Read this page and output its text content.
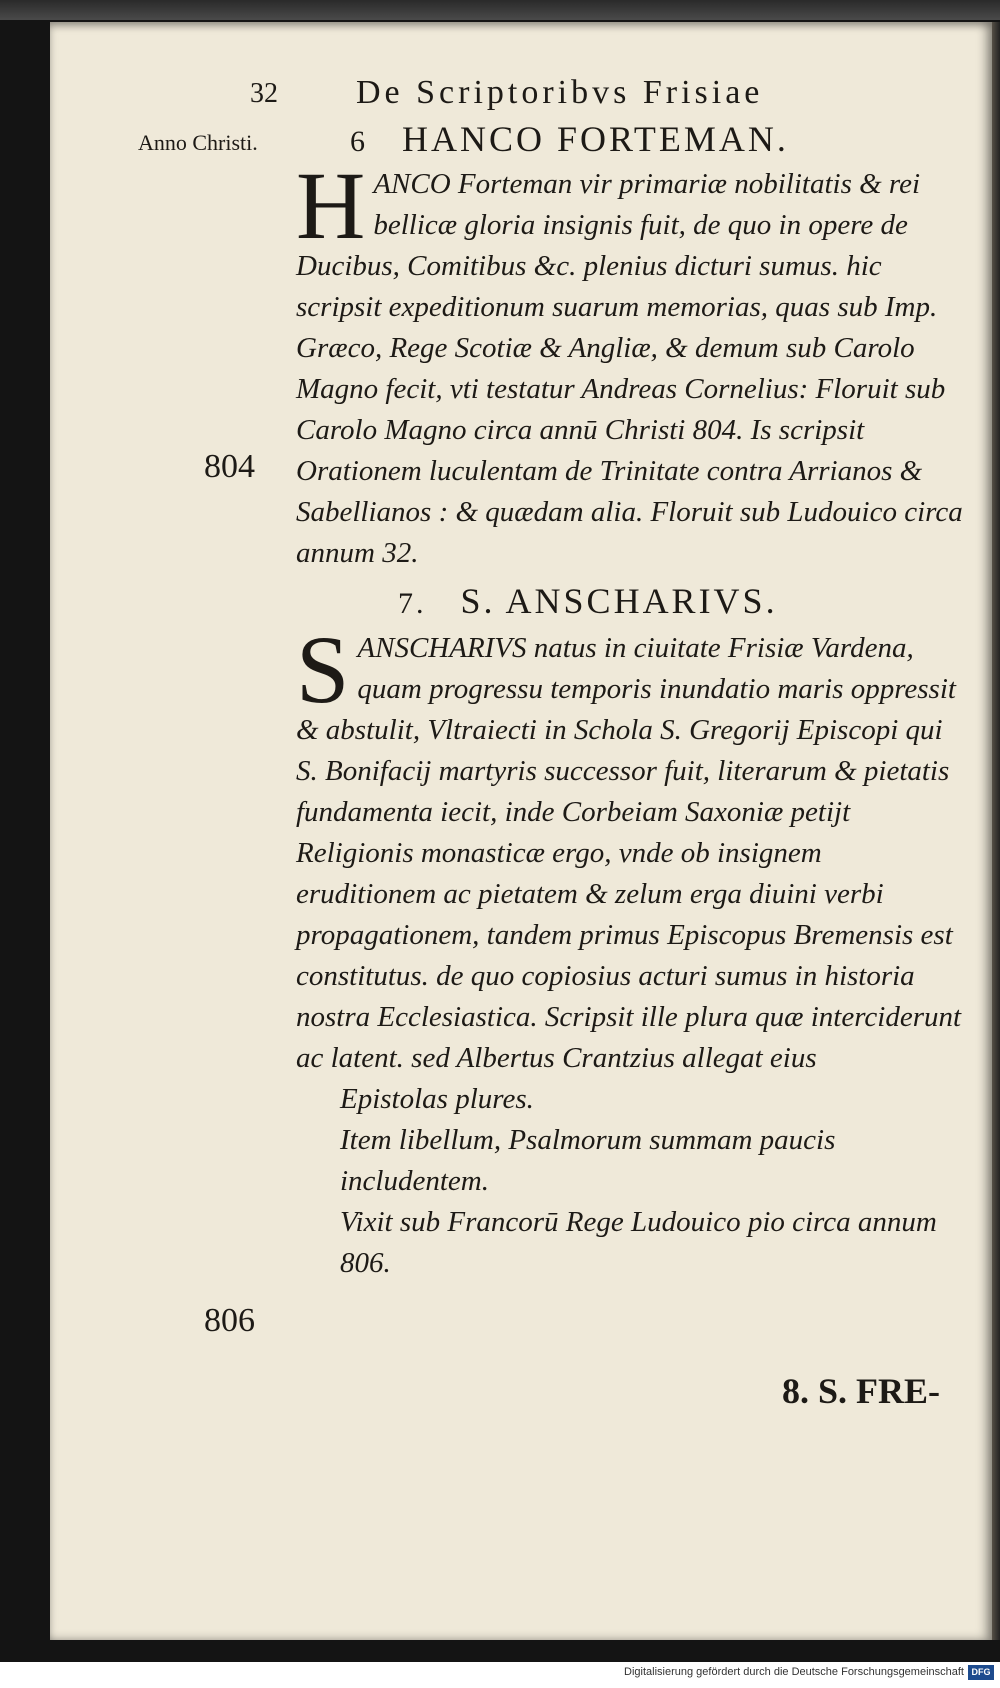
32 De Scriptoribvs Frisiae
Anno Christi.	6 HANCO FORTEMAN.
804

HANCO Forteman vir primariæ nobilitatis & rei bellicæ gloria insignis fuit, de quo in opere de Ducibus, Comitibus &c. plenius dicturi sumus. hic scripsit expeditionum suarum memorias, quas sub Imp. Græco, Rege Scotiæ & Angliæ, & demum sub Carolo Magno fecit, vti testatur Andreas Cornelius: Floruit sub Carolo Magno circa annū Christi 804. Is scripsit Orationem luculentam de Trinitate contra Arrianos & Sabellianos : & quædam alia. Floruit sub Ludouico circa annum 32.

7. S. ANSCHARIVS.

SANSCHARIVS natus in ciuitate Frisiæ Vardena, quam progressu temporis inundatio maris oppressit & abstulit, Vltraiecti in Schola S. Gregorij Episcopi qui S. Bonifacij martyris successor fuit, literarum & pietatis fundamenta iecit, inde Corbeiam Saxoniæ petijt Religionis monasticæ ergo, vnde ob insignem eruditionem ac pietatem & zelum erga diuini verbi propagationem, tandem primus Episcopus Bremensis est constitutus. de quo copiosius acturi sumus in historia nostra Ecclesiastica. Scripsit ille plura quæ interciderunt ac latent. sed Albertus Crantzius allegat eius

Epistolas plures.

Item libellum, Psalmorum summam paucis includentem.

Vixit sub Francorū Rege Ludouico pio circa annum 806.

806
8. S. FRE-
Digitalisierung gefördert durch die Deutsche Forschungsgemeinschaft DFG
